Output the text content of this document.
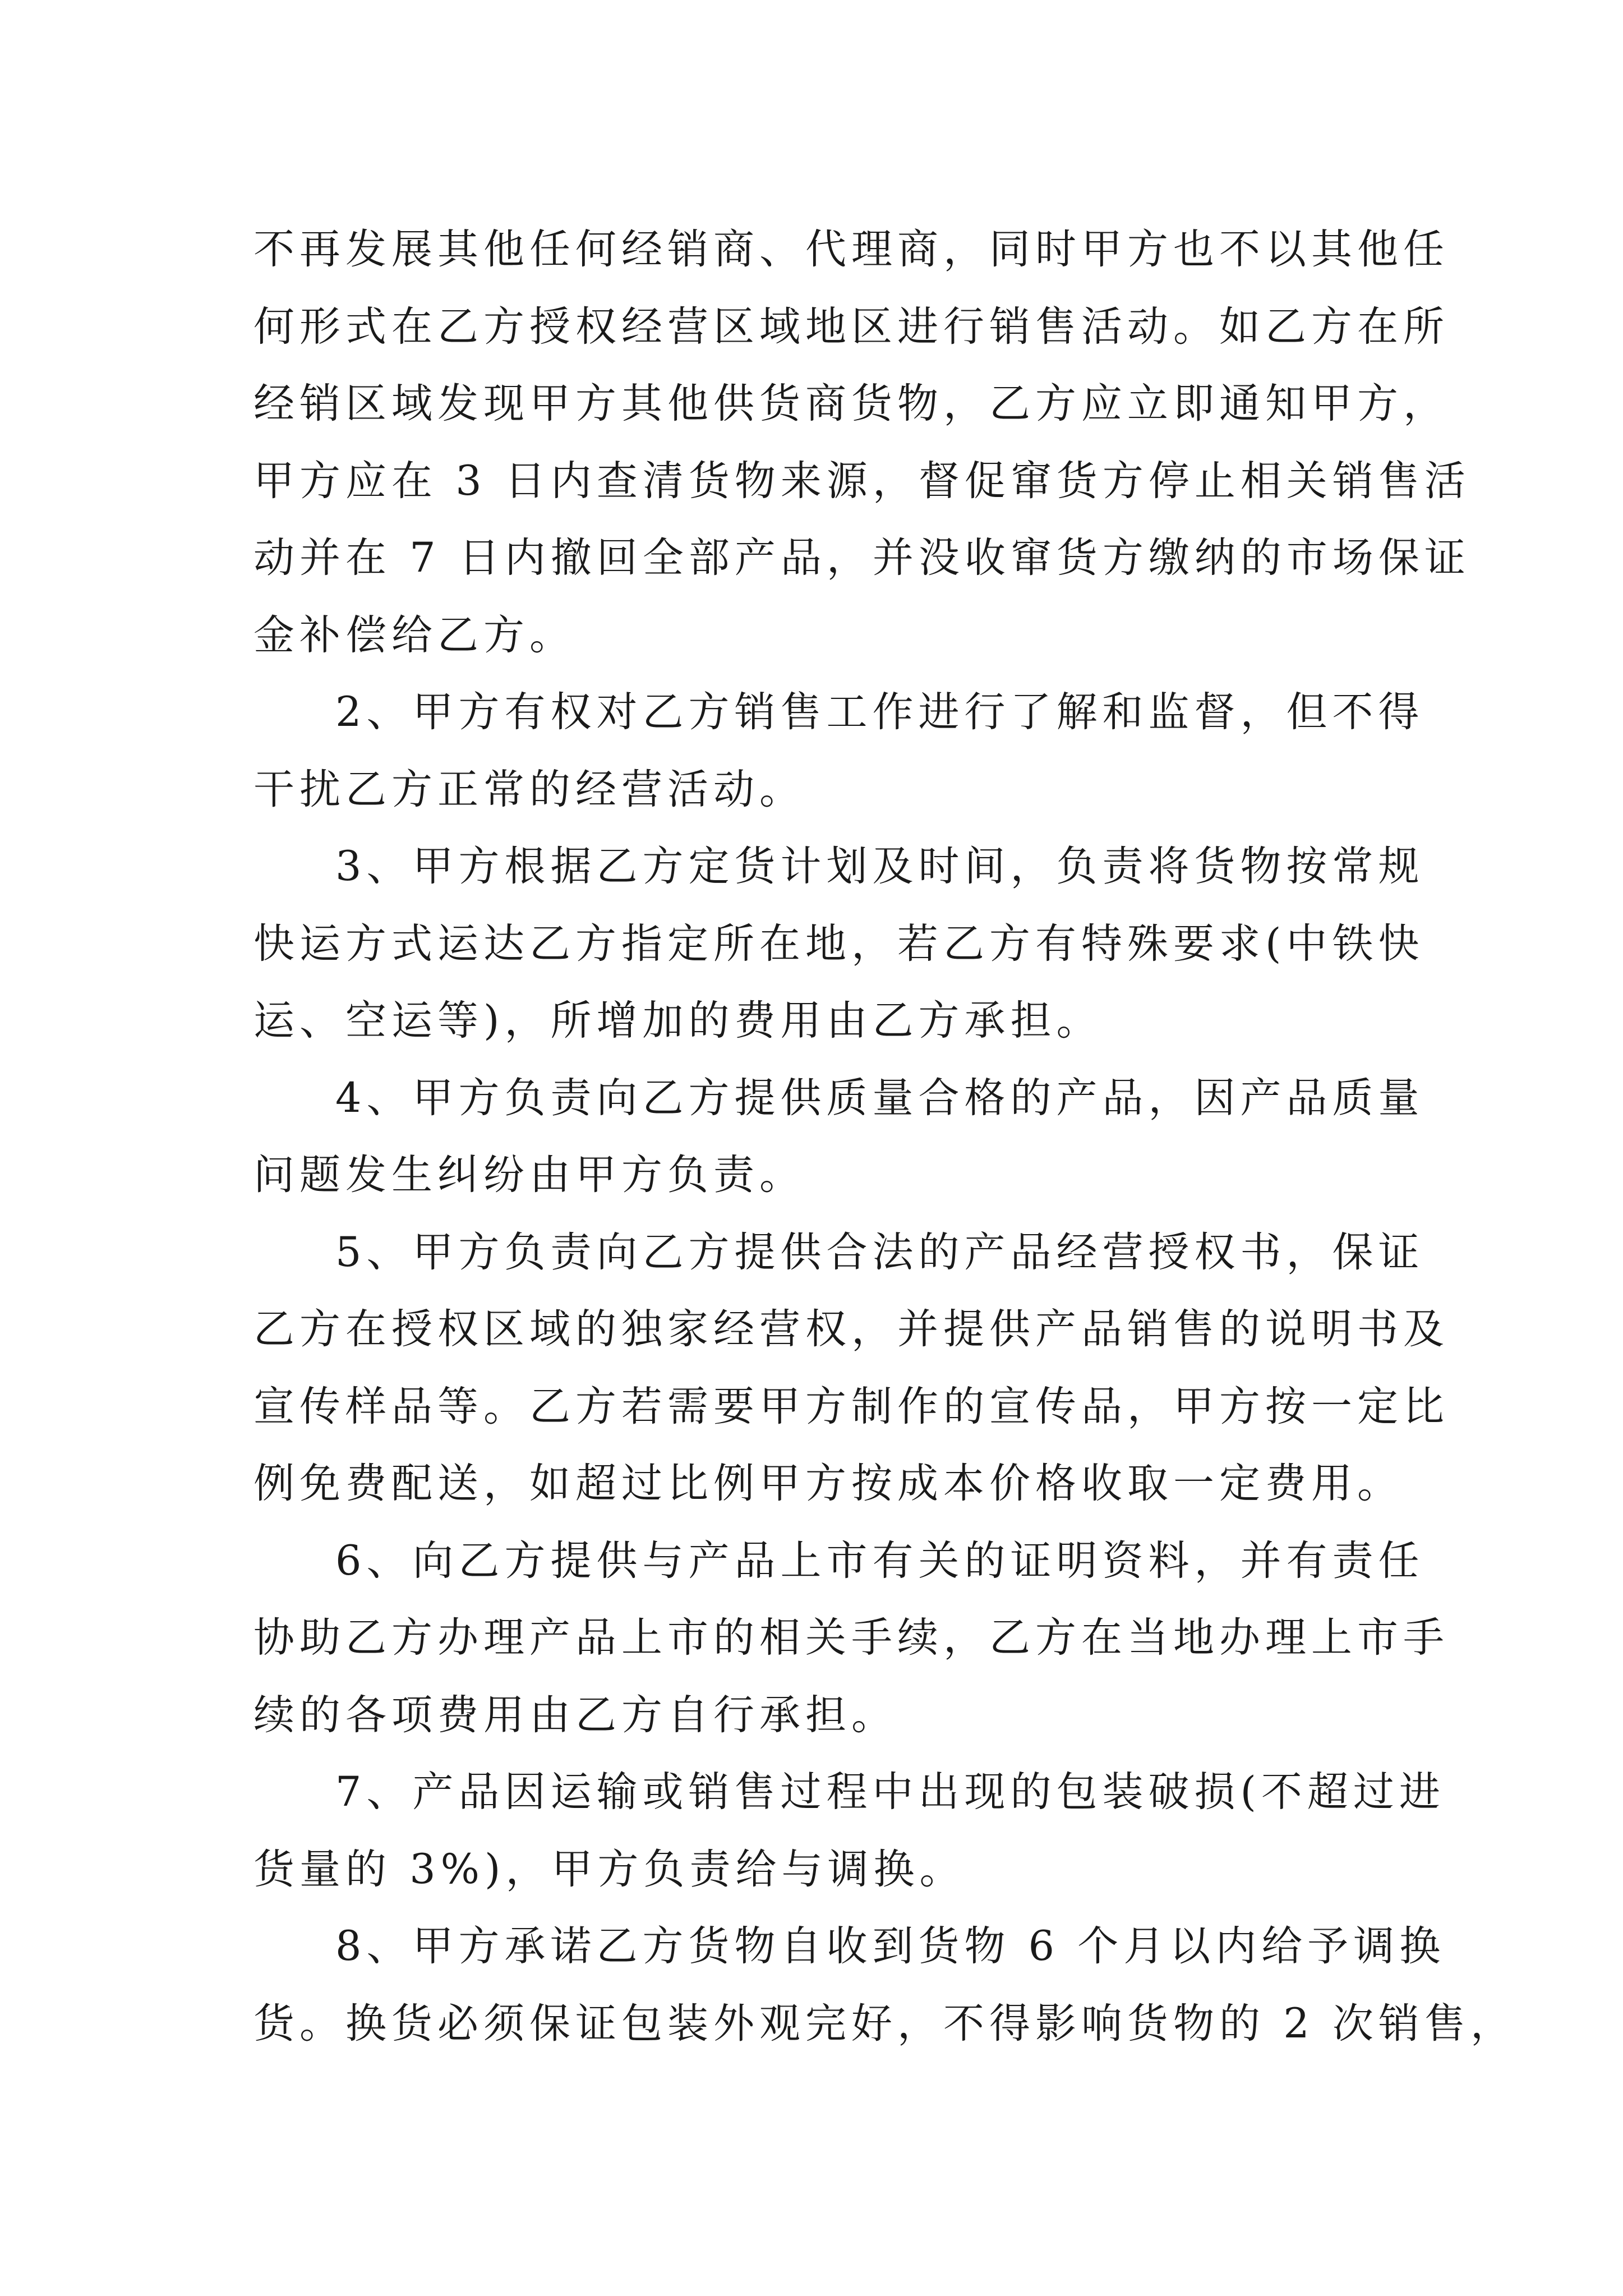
不再发展其他任何经销商、代理商，同时甲方也不以其他任
何形式在乙方授权经营区域地区进行销售活动。如乙方在所
经销区域发现甲方其他供货商货物，乙方应立即通知甲方，
甲方应在 3 日内查清货物来源，督促窜货方停止相关销售活
动并在 7 日内撤回全部产品，并没收窜货方缴纳的市场保证
金补偿给乙方。
2、甲方有权对乙方销售工作进行了解和监督，但不得
干扰乙方正常的经营活动。
3、甲方根据乙方定货计划及时间，负责将货物按常规
快运方式运达乙方指定所在地，若乙方有特殊要求(中铁快
运、空运等)，所增加的费用由乙方承担。
4、甲方负责向乙方提供质量合格的产品，因产品质量
问题发生纠纷由甲方负责。
5、甲方负责向乙方提供合法的产品经营授权书，保证
乙方在授权区域的独家经营权，并提供产品销售的说明书及
宣传样品等。乙方若需要甲方制作的宣传品，甲方按一定比
例免费配送，如超过比例甲方按成本价格收取一定费用。
6、向乙方提供与产品上市有关的证明资料，并有责任
协助乙方办理产品上市的相关手续，乙方在当地办理上市手
续的各项费用由乙方自行承担。
7、产品因运输或销售过程中出现的包装破损(不超过进
货量的 3%)，甲方负责给与调换。
8、甲方承诺乙方货物自收到货物 6 个月以内给予调换
货。换货必须保证包装外观完好，不得影响货物的 2 次销售，
